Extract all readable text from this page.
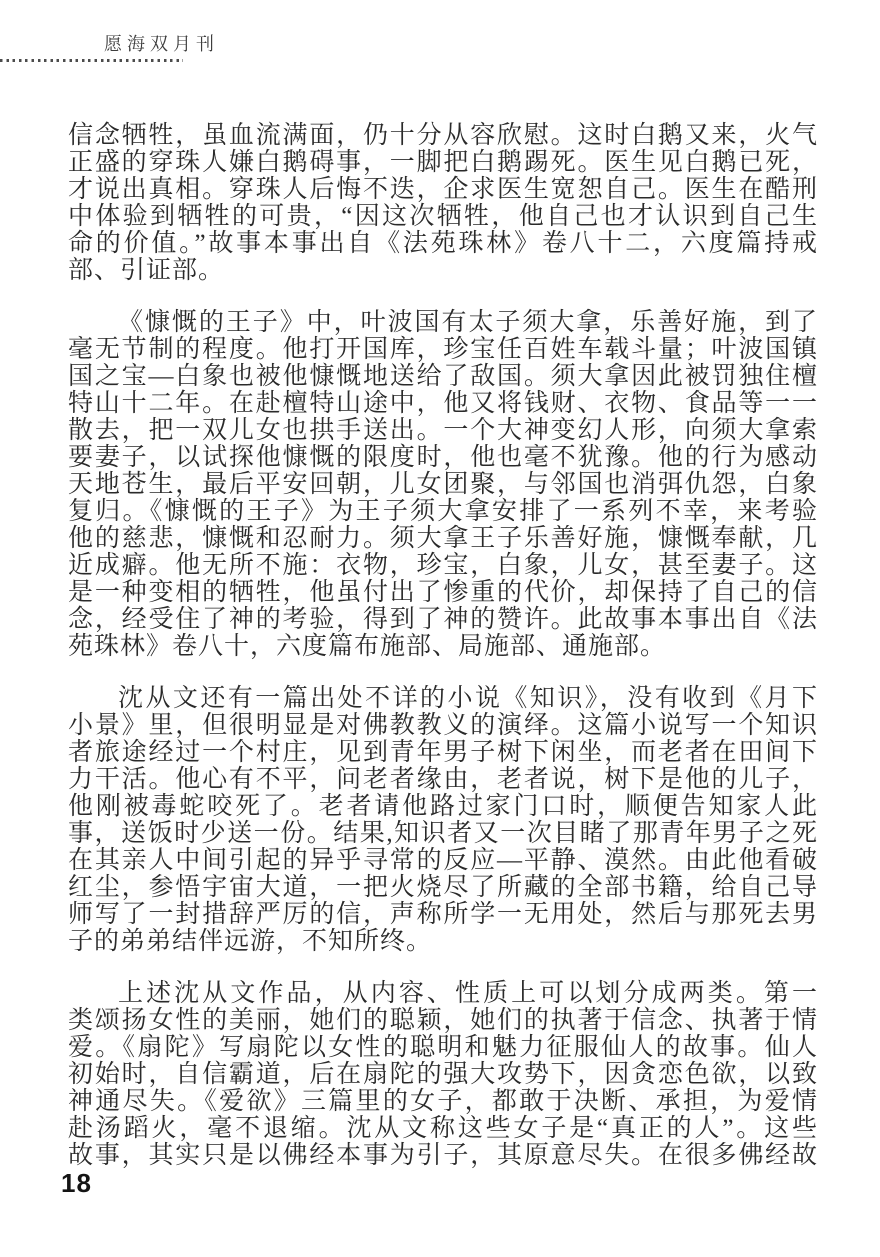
愿海双月刊
信念牺牲，虽血流满面，仍十分从容欣慰。这时白鹅又来，火气
正盛的穿珠人嫌白鹅碍事，一脚把白鹅踢死。医生见白鹅已死，
才说出真相。穿珠人后悔不迭，企求医生宽恕自己。医生在酷刑
中体验到牺牲的可贵，“因这次牺牲，他自己也才认识到自己生
命的价值。”故事本事出自《法苑珠林》卷八十二，六度篇持戒
部、引证部。
《慷慨的王子》中，叶波国有太子须大拿，乐善好施，到了
毫无节制的程度。他打开国库，珍宝任百姓车载斗量；叶波国镇
国之宝—白象也被他慷慨地送给了敌国。须大拿因此被罚独住檀
特山十二年。在赴檀特山途中，他又将钱财、衣物、食品等一一
散去，把一双儿女也拱手送出。一个大神变幻人形，向须大拿索
要妻子，以试探他慷慨的限度时，他也毫不犹豫。他的行为感动
天地苍生，最后平安回朝，儿女团聚，与邻国也消弭仇怨，白象
复归。《慷慨的王子》为王子须大拿安排了一系列不幸，来考验
他的慈悲，慷慨和忍耐力。须大拿王子乐善好施，慷慨奉献，几
近成癖。他无所不施：衣物，珍宝，白象，儿女，甚至妻子。这
是一种变相的牺牲，他虽付出了惨重的代价，却保持了自己的信
念，经受住了神的考验，得到了神的赞许。此故事本事出自《法
苑珠林》卷八十，六度篇布施部、局施部、通施部。
沈从文还有一篇出处不详的小说《知识》，没有收到《月下
小景》里，但很明显是对佛教教义的演绎。这篇小说写一个知识
者旅途经过一个村庄，见到青年男子树下闲坐，而老者在田间下
力干活。他心有不平，问老者缘由，老者说，树下是他的儿子，
他刚被毒蛇咬死了。老者请他路过家门口时，顺便告知家人此
事，送饭时少送一份。结果,知识者又一次目睹了那青年男子之死
在其亲人中间引起的异乎寻常的反应—平静、漠然。由此他看破
红尘，参悟宇宙大道，一把火烧尽了所藏的全部书籍，给自己导
师写了一封措辞严厉的信，声称所学一无用处，然后与那死去男
子的弟弟结伴远游，不知所终。
上述沈从文作品，从内容、性质上可以划分成两类。第一
类颂扬女性的美丽，她们的聪颖，她们的执著于信念、执著于情
爱。《扇陀》写扇陀以女性的聪明和魅力征服仙人的故事。仙人
初始时，自信霸道，后在扇陀的强大攻势下，因贪恋色欲，以致
神通尽失。《爱欲》三篇里的女子，都敢于决断、承担，为爱情
赴汤蹈火，毫不退缩。沈从文称这些女子是“真正的人”。这些
故事，其实只是以佛经本事为引子，其原意尽失。在很多佛经故
18
